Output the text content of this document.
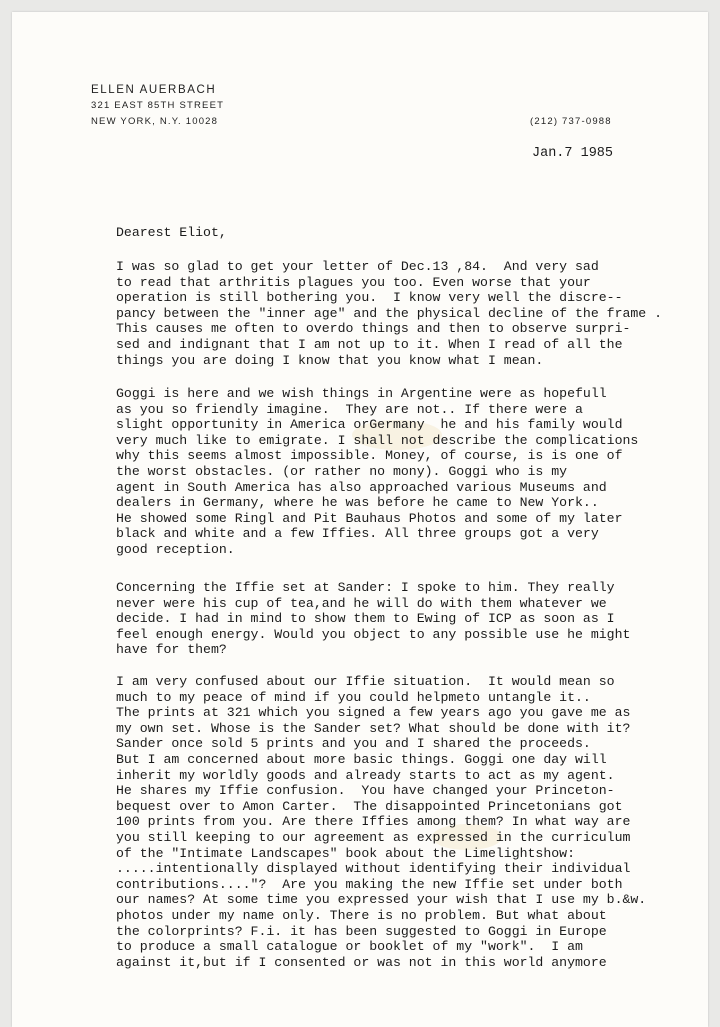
ELLEN AUERBACH
321 EAST 85TH STREET
NEW YORK, N.Y. 10028	(212) 737-0988
Jan.7 1985
Dearest Eliot,
I was so glad to get your letter of Dec.13 ,84.  And very sad
to read that arthritis plagues you too. Even worse that your
operation is still bothering you.  I know very well the discre--
pancy between the "inner age" and the physical decline of the frame .
This causes me often to overdo things and then to observe surpri-
sed and indignant that I am not up to it. When I read of all the
things you are doing I know that you know what I mean.
Goggi is here and we wish things in Argentine were as hopefull
as you so friendly imagine.  They are not.. If there were a
slight opportunity in America orGermany  he and his family would
very much like to emigrate. I shall not describe the complications
why this seems almost impossible. Money, of course, is is one of
the worst obstacles. (or rather no mony). Goggi who is my
agent in South America has also approached various Museums and
dealers in Germany, where he was before he came to New York..
He showed some Ringl and Pit Bauhaus Photos and some of my later
black and white and a few Iffies. All three groups got a very
good reception.
Concerning the Iffie set at Sander: I spoke to him. They really
never were his cup of tea,and he will do with them whatever we
decide. I had in mind to show them to Ewing of ICP as soon as I
feel enough energy. Would you object to any possible use he might
have for them?
I am very confused about our Iffie situation.  It would mean so
much to my peace of mind if you could helpmeto untangle it..
The prints at 321 which you signed a few years ago you gave me as
my own set. Whose is the Sander set? What should be done with it?
Sander once sold 5 prints and you and I shared the proceeds.
But I am concerned about more basic things. Goggi one day will
inherit my worldly goods and already starts to act as my agent.
He shares my Iffie confusion.  You have changed your Princeton-
bequest over to Amon Carter.  The disappointed Princetonians got
100 prints from you. Are there Iffies among them? In what way are
you still keeping to our agreement as expressed in the curriculum
of the "Intimate Landscapes" book about the Limelightshow:
.....intentionally displayed without identifying their individual
contributions...."?  Are you making the new Iffie set under both
our names? At some time you expressed your wish that I use my b.&w.
photos under my name only. There is no problem. But what about
the colorprints? F.i. it has been suggested to Goggi in Europe
to produce a small catalogue or booklet of my "work".  I am
against it,but if I consented or was not in this world anymore
